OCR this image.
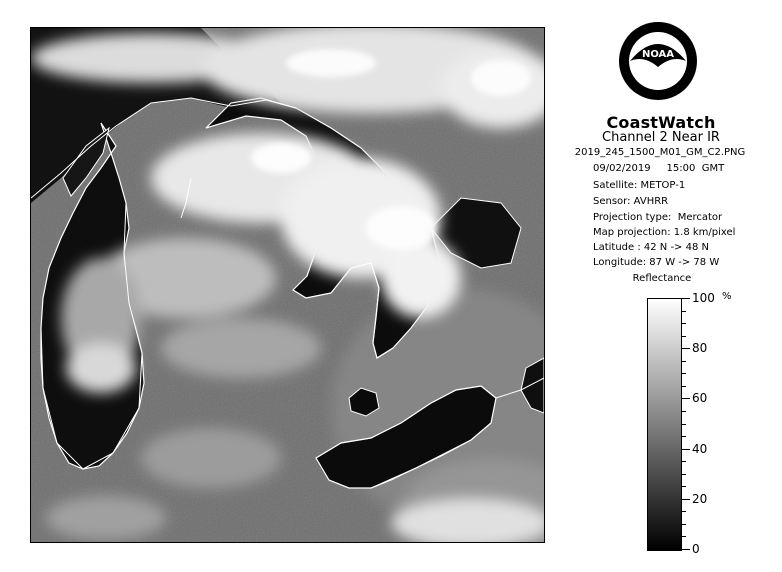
NOAA
CoastWatch
Channel 2 Near IR
2019_245_1500_M01_GM_C2.PNG
09/02/2019     15:00  GMT
Satellite: METOP-1
Sensor: AVHRR
Projection type:  Mercator
Map projection: 1.8 km/pixel
Latitude : 42 N -> 48 N
Longitude: 87 W -> 78 W
Reflectance
%
100
80
60
40
20
0
